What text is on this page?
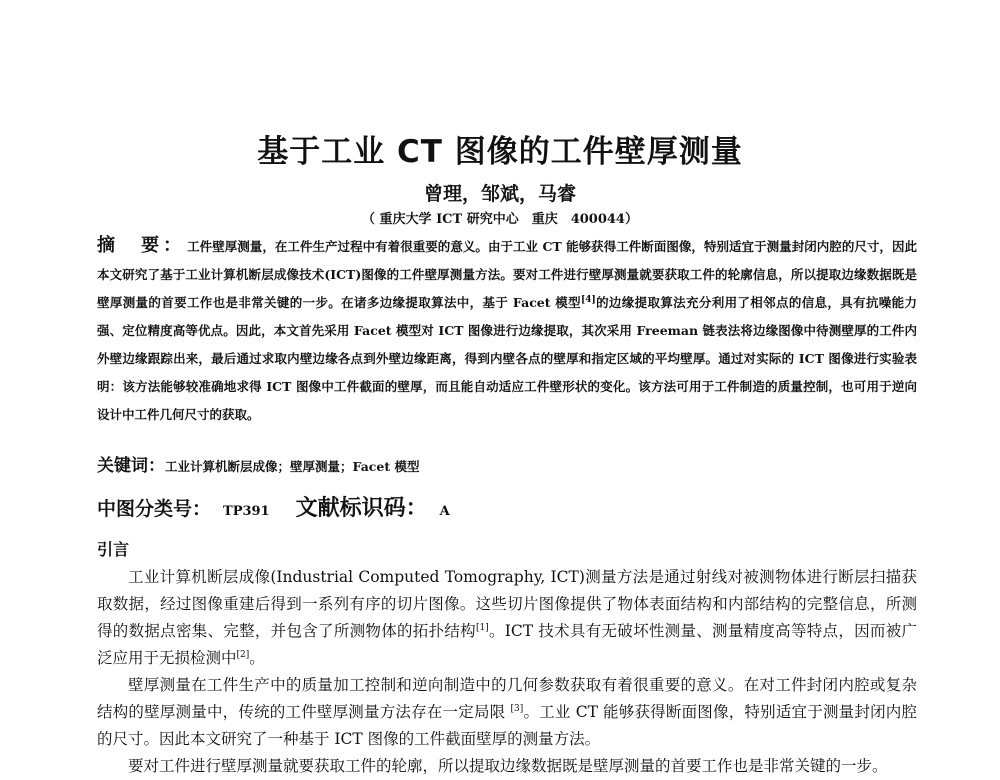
基于工业 CT 图像的工件壁厚测量
曾理，邹斌，马睿
（ 重庆大学 ICT 研究中心　重庆　400044）

摘　要： 工件壁厚测量，在工件生产过程中有着很重要的意义。由于工业 CT 能够获得工件断面图像，特别适宜于测量封闭内腔的尺寸，因此本文研究了基于工业计算机断层成像技术(ICT)图像的工件壁厚测量方法。要对工件进行壁厚测量就要获取工件的轮廓信息，所以提取边缘数据既是壁厚测量的首要工作也是非常关键的一步。在诸多边缘提取算法中，基于 Facet 模型[4]的边缘提取算法充分利用了相邻点的信息，具有抗噪能力强、定位精度高等优点。因此，本文首先采用 Facet 模型对 ICT 图像进行边缘提取，其次采用 Freeman 链表法将边缘图像中待测壁厚的工件内外壁边缘跟踪出来，最后通过求取内壁边缘各点到外壁边缘距离，得到内壁各点的壁厚和指定区域的平均壁厚。通过对实际的 ICT 图像进行实验表明：该方法能够较准确地求得 ICT 图像中工件截面的壁厚，而且能自动适应工件壁形状的变化。该方法可用于工件制造的质量控制，也可用于逆向设计中工件几何尺寸的获取。

关键词：工业计算机断层成像；壁厚测量；Facet 模型
中图分类号： TP391 文献标识码： A
引言

工业计算机断层成像(Industrial Computed Tomography, ICT)测量方法是通过射线对被测物体进行断层扫描获取数据，经过图像重建后得到一系列有序的切片图像。这些切片图像提供了物体表面结构和内部结构的完整信息，所测得的数据点密集、完整，并包含了所测物体的拓扑结构[1]。ICT 技术具有无破坏性测量、测量精度高等特点，因而被广泛应用于无损检测中[2]。

壁厚测量在工件生产中的质量加工控制和逆向制造中的几何参数获取有着很重要的意义。在对工件封闭内腔或复杂结构的壁厚测量中，传统的工件壁厚测量方法存在一定局限 [3]。工业 CT 能够获得断面图像，特别适宜于测量封闭内腔的尺寸。因此本文研究了一种基于 ICT 图像的工件截面壁厚的测量方法。

要对工件进行壁厚测量就要获取工件的轮廓，所以提取边缘数据既是壁厚测量的首要工作也是非常关键的一步。
